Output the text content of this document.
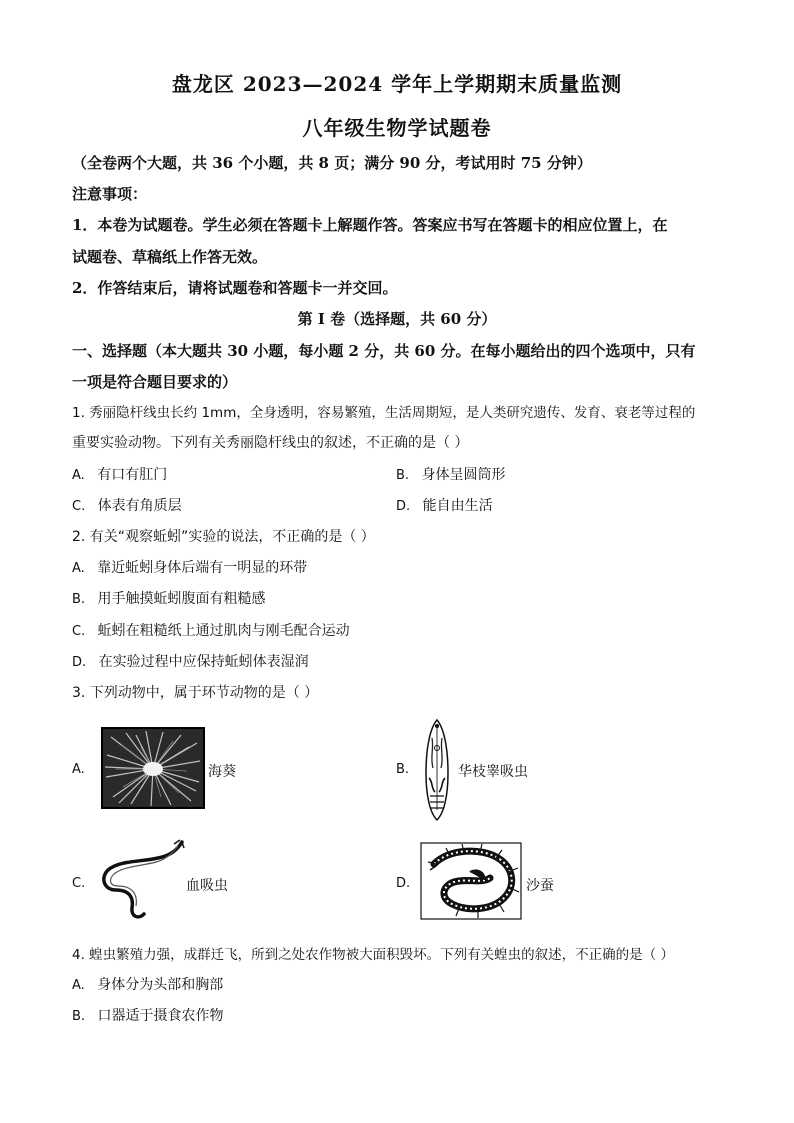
盘龙区 2023—2024 学年上学期期末质量监测
八年级生物学试题卷
（全卷两个大题，共 36 个小题，共 8 页；满分 90 分，考试用时 75 分钟）
注意事项：
1．本卷为试题卷。学生必须在答题卡上解题作答。答案应书写在答题卡的相应位置上，在
试题卷、草稿纸上作答无效。
2．作答结束后，请将试题卷和答题卡一并交回。
第 I 卷（选择题，共 60 分）
一、选择题（本大题共 30 小题，每小题 2 分，共 60 分。在每小题给出的四个选项中，只有
一项是符合题目要求的）
1. 秀丽隐杆线虫长约 1mm，全身透明，容易繁殖，生活周期短，是人类研究遗传、发育、衰老等过程的
重要实验动物。下列有关秀丽隐杆线虫的叙述，不正确的是（ ）
A. 有口有肛门	B. 身体呈圆筒形
C. 体表有角质层	D. 能自由生活
2. 有关“观察蚯蚓”实验的说法，不正确的是（ ）
A. 靠近蚯蚓身体后端有一明显的环带
B. 用手触摸蚯蚓腹面有粗糙感
C. 蚯蚓在粗糙纸上通过肌肉与刚毛配合运动
D. 在实验过程中应保持蚯蚓体表湿润
3. 下列动物中，属于环节动物的是（ ）
A.	海葵	B.	华枝睾吸虫
C.	血吸虫	D.	沙蚕
4. 蝗虫繁殖力强，成群迁飞，所到之处农作物被大面积毁坏。下列有关蝗虫的叙述，不正确的是（ ）
A. 身体分为头部和胸部
B. 口器适于摄食农作物
